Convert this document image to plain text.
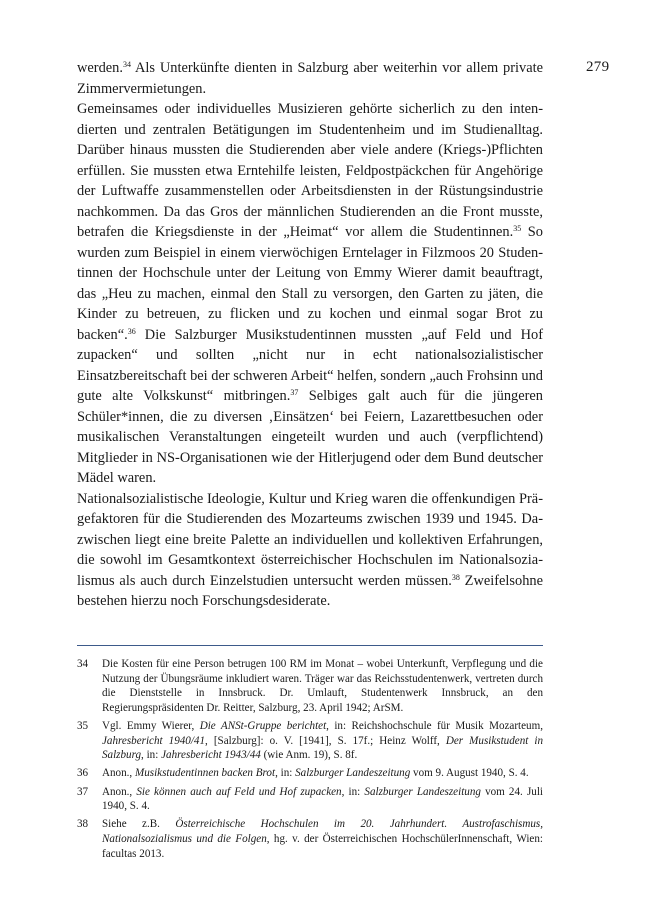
279

werden.$^{34}$ Als Unterkünfte dienten in Salzburg aber weiterhin vor allem private Zimmervermietungen.

Gemeinsames oder individuelles Musizieren gehörte sicherlich zu den intendierten und zentralen Betätigungen im Studentenheim und im Studienalltag. Darüber hinaus mussten die Studierenden aber viele andere (Kriegs-)Pflichten erfüllen. Sie mussten etwa Erntehilfe leisten, Feldpostpäckchen für Angehörige der Luftwaffe zusammenstellen oder Arbeitsdiensten in der Rüstungsindustrie nachkommen. Da das Gros der männlichen Studierenden an die Front musste, betrafen die Kriegsdienste in der „Heimat“ vor allem die Studentinnen.$^{35}$ So wurden zum Beispiel in einem vierwöchigen Erntelager in Filzmoos 20 Studentinnen der Hochschule unter der Leitung von Emmy Wierer damit beauftragt, das „Heu zu machen, einmal den Stall zu versorgen, den Garten zu jäten, die Kinder zu betreuen, zu flicken und zu kochen und einmal sogar Brot zu backen“.$^{36}$ Die Salzburger Musikstudentinnen mussten „auf Feld und Hof zupacken“ und sollten „nicht nur in echt nationalsozialistischer Einsatzbereitschaft bei der schweren Arbeit“ helfen, sondern „auch Frohsinn und gute alte Volkskunst“ mitbringen.$^{37}$ Selbiges galt auch für die jüngeren Schüler*innen, die zu diversen ‚Einsätzen‘ bei Feiern, Lazarettbesuchen oder musikalischen Veranstaltungen eingeteilt wurden und auch (verpflichtend) Mitglieder in NS-Organisationen wie der Hitlerjugend oder dem Bund deutscher Mädel waren.

Nationalsozialistische Ideologie, Kultur und Krieg waren die offenkundigen Prägefaktoren für die Studierenden des Mozarteums zwischen 1939 und 1945. Dazwischen liegt eine breite Palette an individuellen und kollektiven Erfahrungen, die sowohl im Gesamtkontext österreichischer Hochschulen im Nationalsozialismus als auch durch Einzelstudien untersucht werden müssen.$^{38}$ Zweifelsohne bestehen hierzu noch Forschungsdesiderate.

34	Die Kosten für eine Person betrugen 100 RM im Monat – wobei Unterkunft, Verpflegung und die Nutzung der Übungsräume inkludiert waren. Träger war das Reichsstudentenwerk, vertreten durch die Dienststelle in Innsbruck. Dr. Umlauft, Studentenwerk Innsbruck, an den Regierungspräsidenten Dr. Reitter, Salzburg, 23. April 1942; ArSM.
35	Vgl. Emmy Wierer, Die ANSt-Gruppe berichtet, in: Reichshochschule für Musik Mozarteum, Jahresbericht 1940/41, [Salzburg]: o. V. [1941], S. 17f.; Heinz Wolff, Der Musikstudent in Salzburg, in: Jahresbericht 1943/44 (wie Anm. 19), S. 8f.
36	Anon., Musikstudentinnen backen Brot, in: Salzburger Landeszeitung vom 9. August 1940, S. 4.
37	Anon., Sie können auch auf Feld und Hof zupacken, in: Salzburger Landeszeitung vom 24. Juli 1940, S. 4.
38	Siehe z.B. Österreichische Hochschulen im 20. Jahrhundert. Austrofaschismus, Nationalsozialismus und die Folgen, hg. v. der Österreichischen HochschülerInnenschaft, Wien: facultas 2013.
